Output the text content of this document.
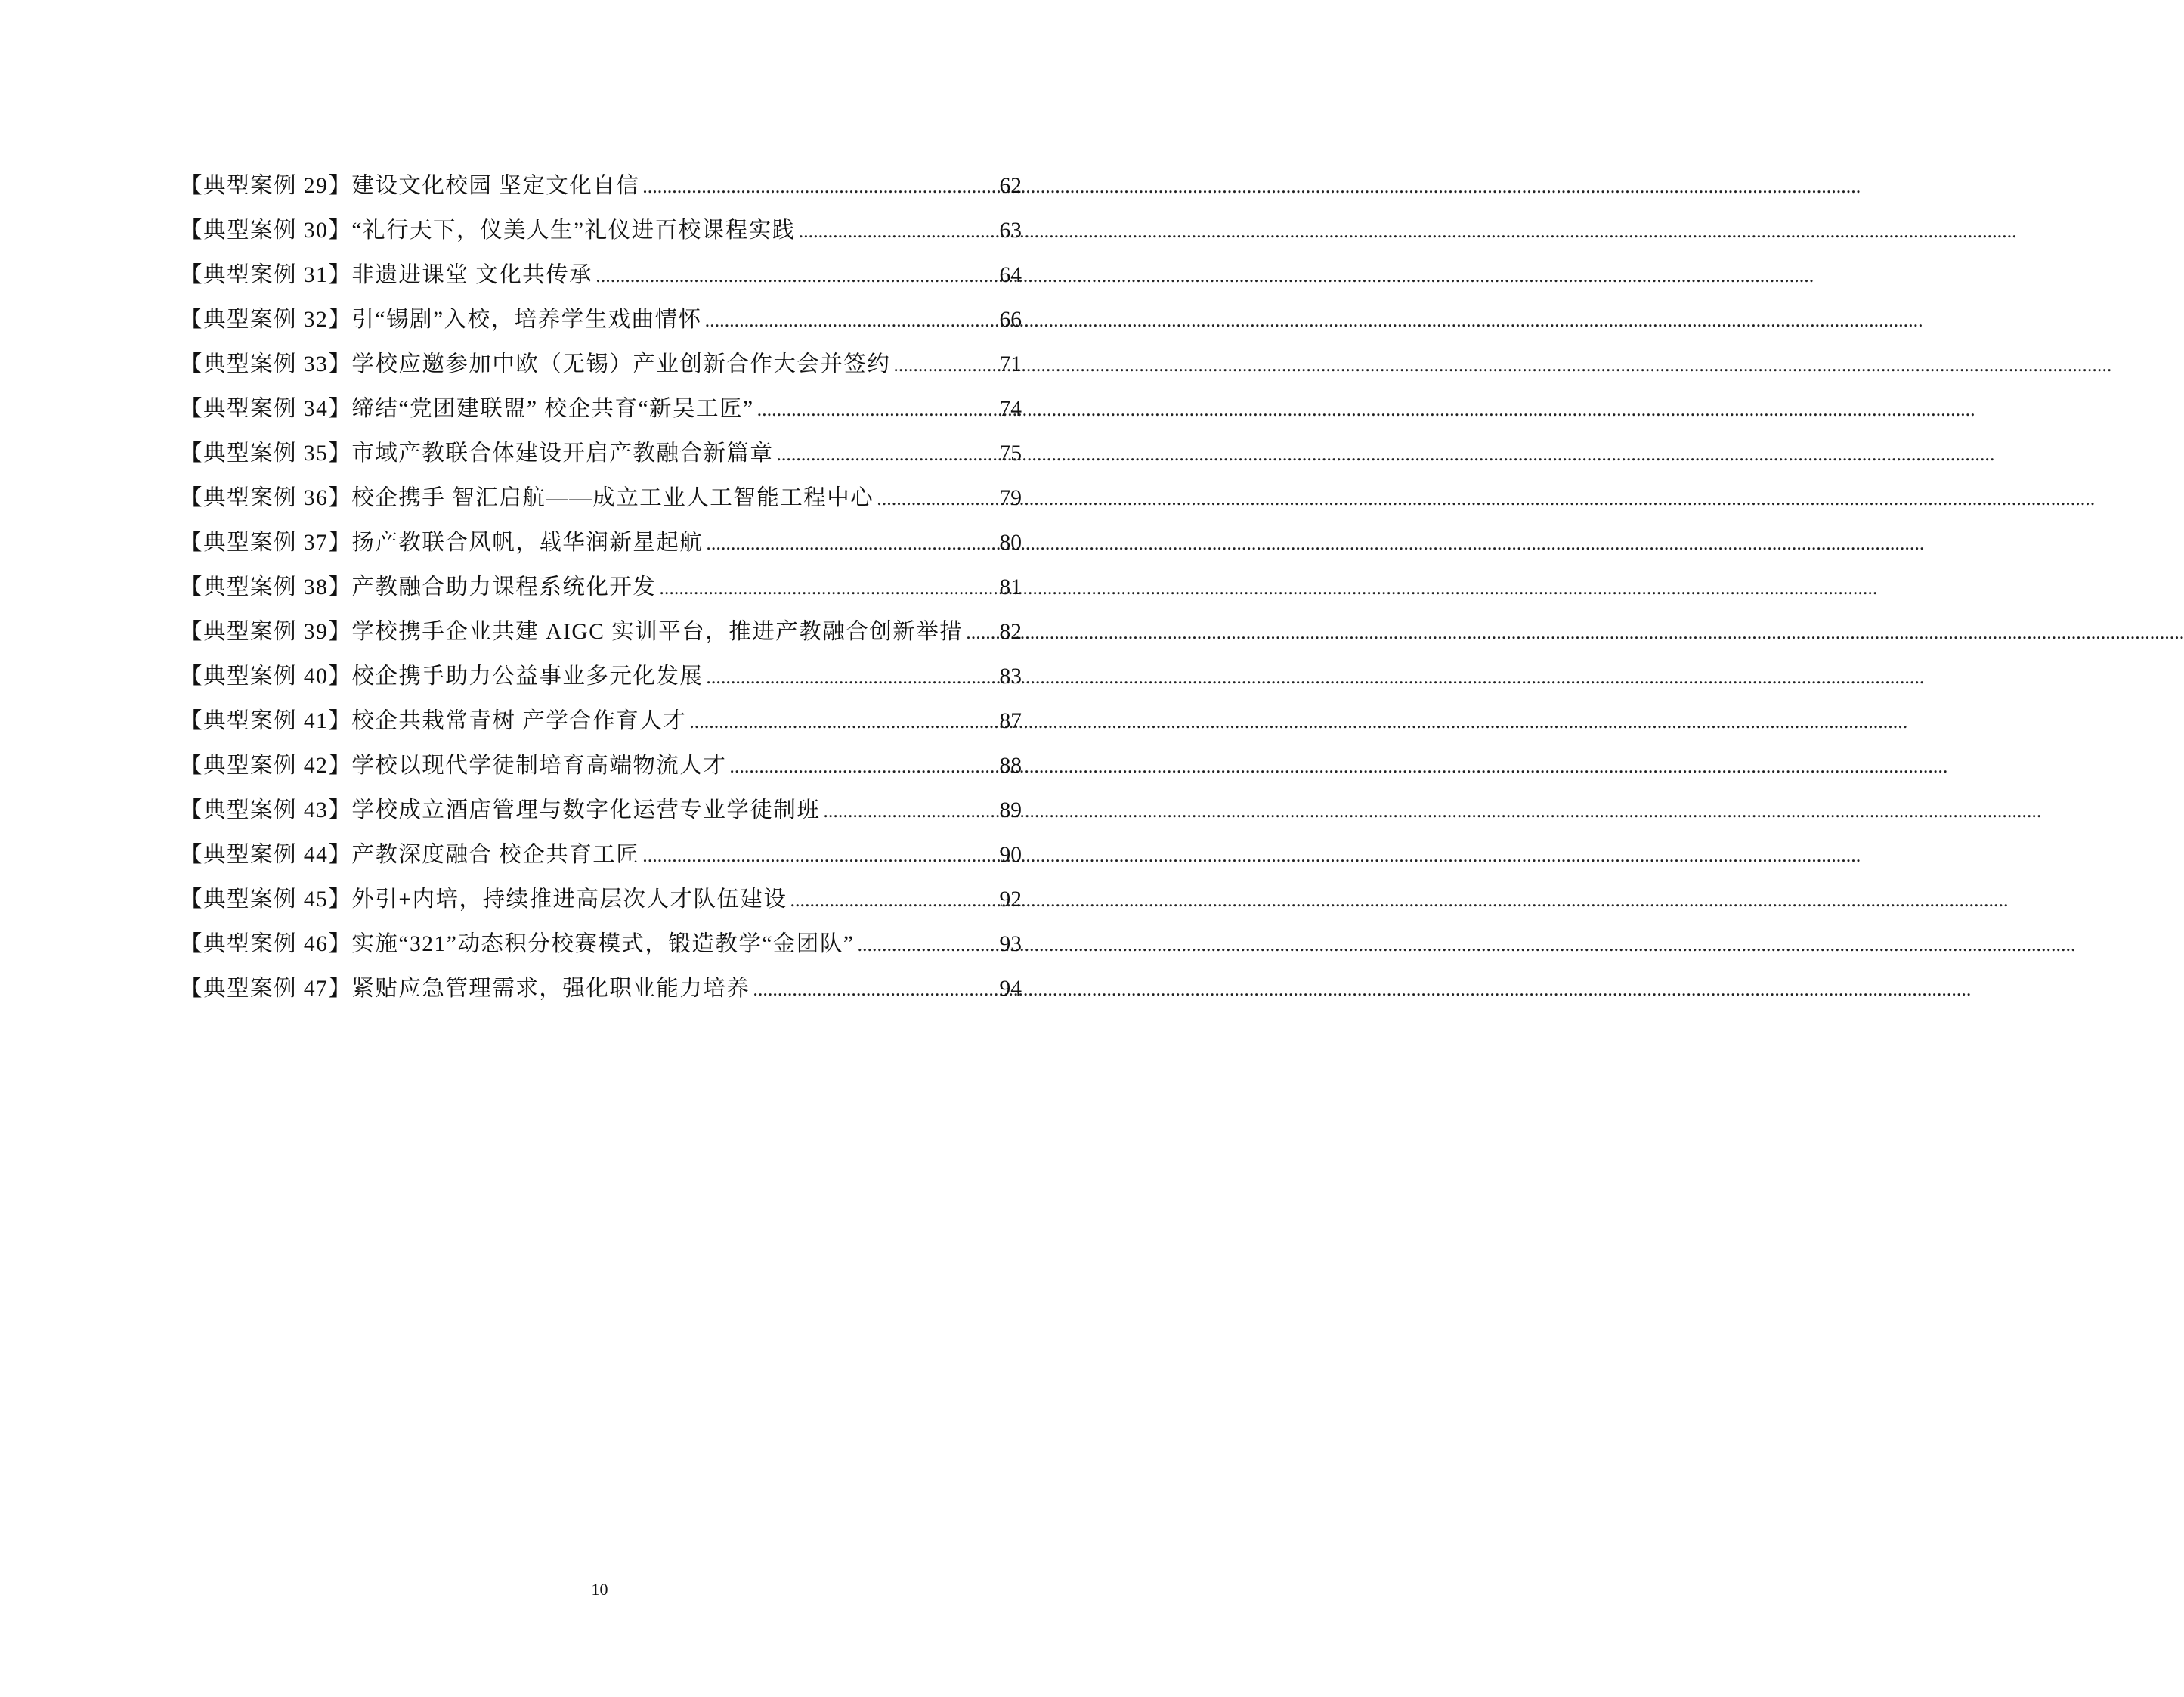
【典型案例 29】 建设文化校园 坚定文化自信 .....	62
【典型案例 30】 “礼行天下，仪美人生”礼仪进百校课程实践 .....	63
【典型案例 31】 非遗进课堂 文化共传承 .....	64
【典型案例 32】 引“锡剧”入校，培养学生戏曲情怀 .....	66
【典型案例 33】 学校应邀参加中欧（无锡）产业创新合作大会并签约 .....	71
【典型案例 34】 缔结“党团建联盟” 校企共育“新吴工匠” .....	74
【典型案例 35】 市域产教联合体建设开启产教融合新篇章 .....	75
【典型案例 36】 校企携手 智汇启航——成立工业人工智能工程中心 .....	79
【典型案例 37】 扬产教联合风帆，载华润新星起航 .....	80
【典型案例 38】 产教融合助力课程系统化开发 .....	81
【典型案例 39】 学校携手企业共建 AIGC 实训平台，推进产教融合创新举措 ..... 82
【典型案例 40】 校企携手助力公益事业多元化发展 .....	83
【典型案例 41】 校企共栽常青树 产学合作育人才 .....	87
【典型案例 42】 学校以现代学徒制培育高端物流人才 .....	88
【典型案例 43】 学校成立酒店管理与数字化运营专业学徒制班 .....	89
【典型案例 44】 产教深度融合 校企共育工匠 .....	90
【典型案例 45】 外引+内培，持续推进高层次人才队伍建设 .....	92
【典型案例 46】 实施“321”动态积分校赛模式，锻造教学“金团队” .....	93
【典型案例 47】 紧贴应急管理需求，强化职业能力培养 .....	94
10
